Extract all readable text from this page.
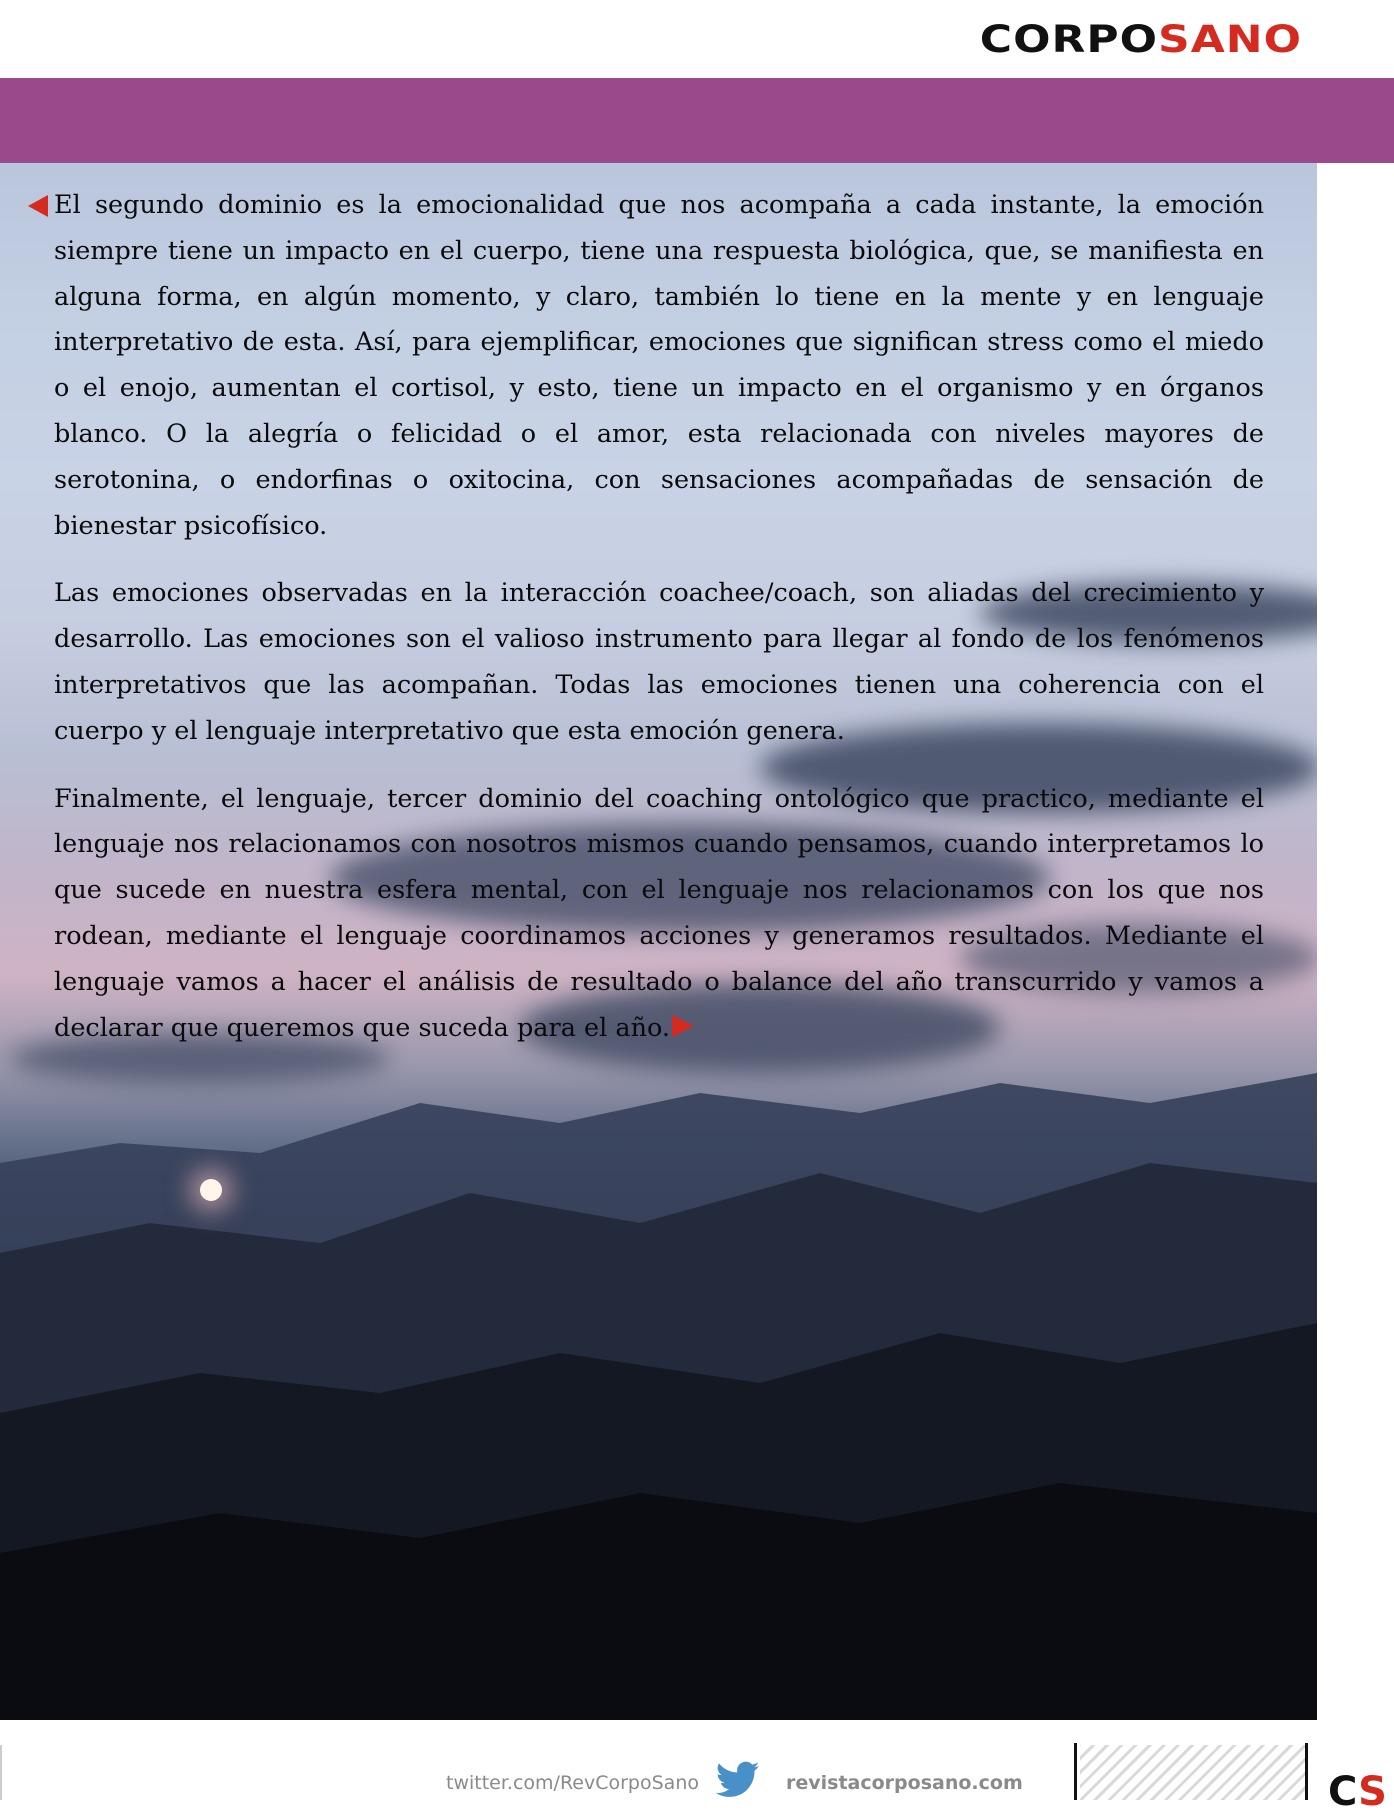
CORPOSANO

El segundo dominio es la emocionalidad que nos acompaña a cada instante, la emoción siempre tiene un impacto en el cuerpo, tiene una respuesta biológica, que, se manifiesta en alguna forma, en algún momento, y claro, también lo tiene en la mente y en lenguaje interpretativo de esta. Así, para ejemplificar, emociones que significan stress como el miedo o el enojo, aumentan el cortisol, y esto, tiene un impacto en el organismo y en órganos blanco. O la alegría o felicidad o el amor, esta relacionada con niveles mayores de serotonina, o endorfinas o oxitocina, con sensaciones acompañadas de sensación de bienestar psicofísico.

Las emociones observadas en la interacción coachee/coach, son aliadas del crecimiento y desarrollo. Las emociones son el valioso instrumento para llegar al fondo de los fenómenos interpretativos que las acompañan. Todas las emociones tienen una coherencia con el cuerpo y el lenguaje interpretativo que esta emoción genera.

Finalmente, el lenguaje, tercer dominio del coaching ontológico que practico, mediante el lenguaje nos relacionamos con nosotros mismos cuando pensamos, cuando interpretamos lo que sucede en nuestra esfera mental, con el lenguaje nos relacionamos con los que nos rodean, mediante el lenguaje coordinamos acciones y generamos resultados. Mediante el lenguaje vamos a hacer el análisis de resultado o balance del año transcurrido y vamos a declarar que queremos que suceda para el año.

twitter.com/RevCorpoSano	revistacorposano.com	CS
